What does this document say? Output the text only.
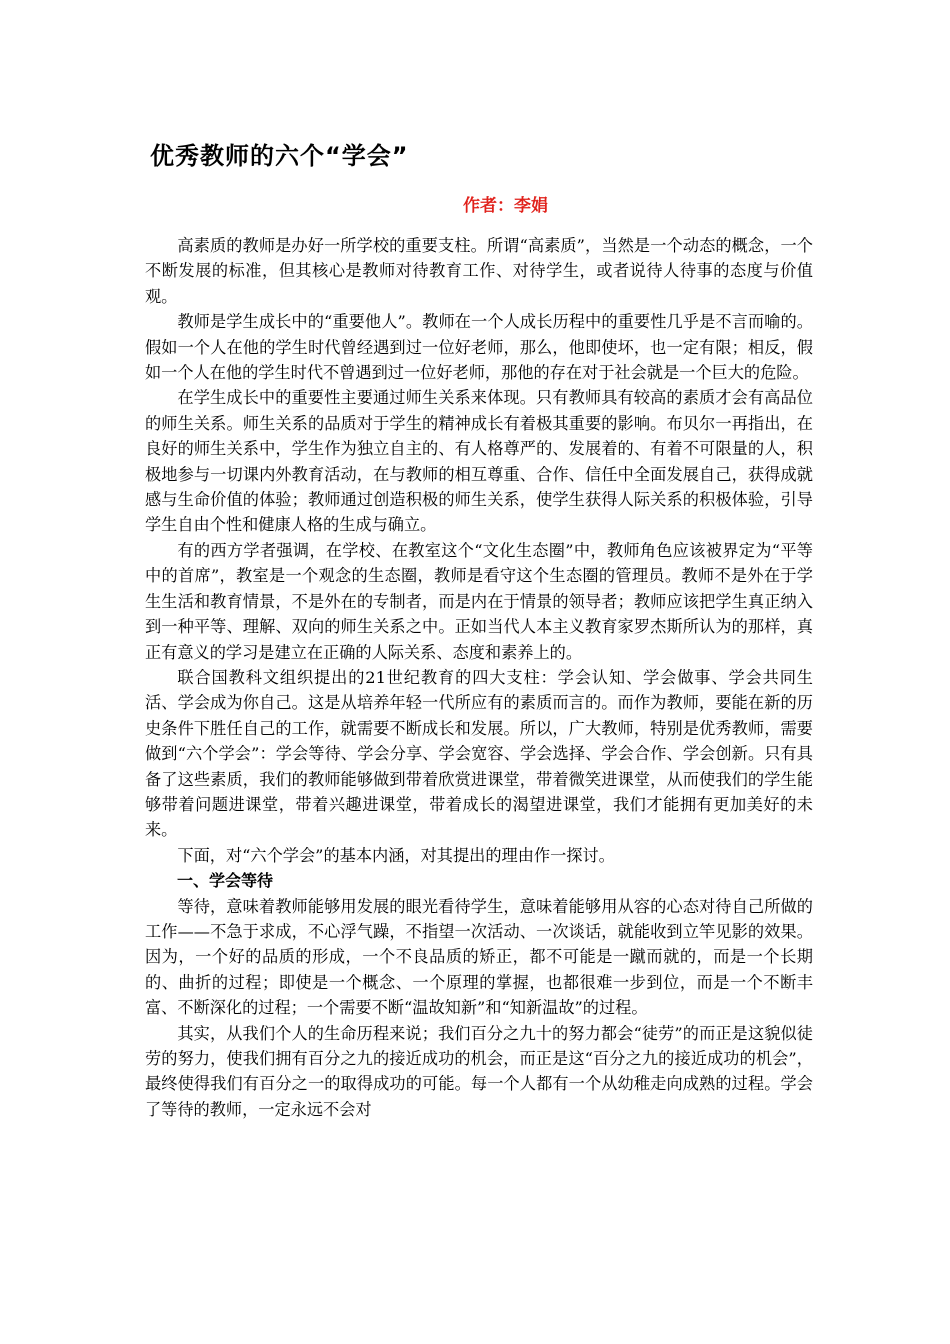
优秀教师的六个“学会”
作者：李娟

高素质的教师是办好一所学校的重要支柱。所谓“高素质”，当然是一个动态的概念，一个不断发展的标准，但其核心是教师对待教育工作、对待学生，或者说待人待事的态度与价值观。

教师是学生成长中的“重要他人”。教师在一个人成长历程中的重要性几乎是不言而喻的。假如一个人在他的学生时代曾经遇到过一位好老师，那么，他即使坏，也一定有限；相反，假如一个人在他的学生时代不曾遇到过一位好老师，那他的存在对于社会就是一个巨大的危险。

在学生成长中的重要性主要通过师生关系来体现。只有教师具有较高的素质才会有高品位的师生关系。师生关系的品质对于学生的精神成长有着极其重要的影响。布贝尔一再指出，在良好的师生关系中，学生作为独立自主的、有人格尊严的、发展着的、有着不可限量的人，积极地参与一切课内外教育活动，在与教师的相互尊重、合作、信任中全面发展自己，获得成就感与生命价值的体验；教师通过创造积极的师生关系，使学生获得人际关系的积极体验，引导学生自由个性和健康人格的生成与确立。

有的西方学者强调，在学校、在教室这个“文化生态圈”中，教师角色应该被界定为“平等中的首席”，教室是一个观念的生态圈，教师是看守这个生态圈的管理员。教师不是外在于学生生活和教育情景，不是外在的专制者，而是内在于情景的领导者；教师应该把学生真正纳入到一种平等、理解、双向的师生关系之中。正如当代人本主义教育家罗杰斯所认为的那样，真正有意义的学习是建立在正确的人际关系、态度和素养上的。

联合国教科文组织提出的21世纪教育的四大支柱：学会认知、学会做事、学会共同生活、学会成为你自己。这是从培养年轻一代所应有的素质而言的。而作为教师，要能在新的历史条件下胜任自己的工作，就需要不断成长和发展。所以，广大教师，特别是优秀教师，需要做到“六个学会”：学会等待、学会分享、学会宽容、学会选择、学会合作、学会创新。只有具备了这些素质，我们的教师能够做到带着欣赏进课堂，带着微笑进课堂，从而使我们的学生能够带着问题进课堂，带着兴趣进课堂，带着成长的渴望进课堂，我们才能拥有更加美好的未来。

下面，对“六个学会”的基本内涵，对其提出的理由作一探讨。

一、学会等待

等待，意味着教师能够用发展的眼光看待学生，意味着能够用从容的心态对待自己所做的工作——不急于求成，不心浮气躁，不指望一次活动、一次谈话，就能收到立竿见影的效果。因为，一个好的品质的形成，一个不良品质的矫正，都不可能是一蹴而就的，而是一个长期的、曲折的过程；即使是一个概念、一个原理的掌握，也都很难一步到位，而是一个不断丰富、不断深化的过程；一个需要不断“温故知新”和“知新温故”的过程。

其实，从我们个人的生命历程来说；我们百分之九十的努力都会“徒劳”的而正是这貌似徒劳的努力，使我们拥有百分之九的接近成功的机会，而正是这“百分之九的接近成功的机会”，最终使得我们有百分之一的取得成功的可能。每一个人都有一个从幼稚走向成熟的过程。学会了等待的教师，一定永远不会对
